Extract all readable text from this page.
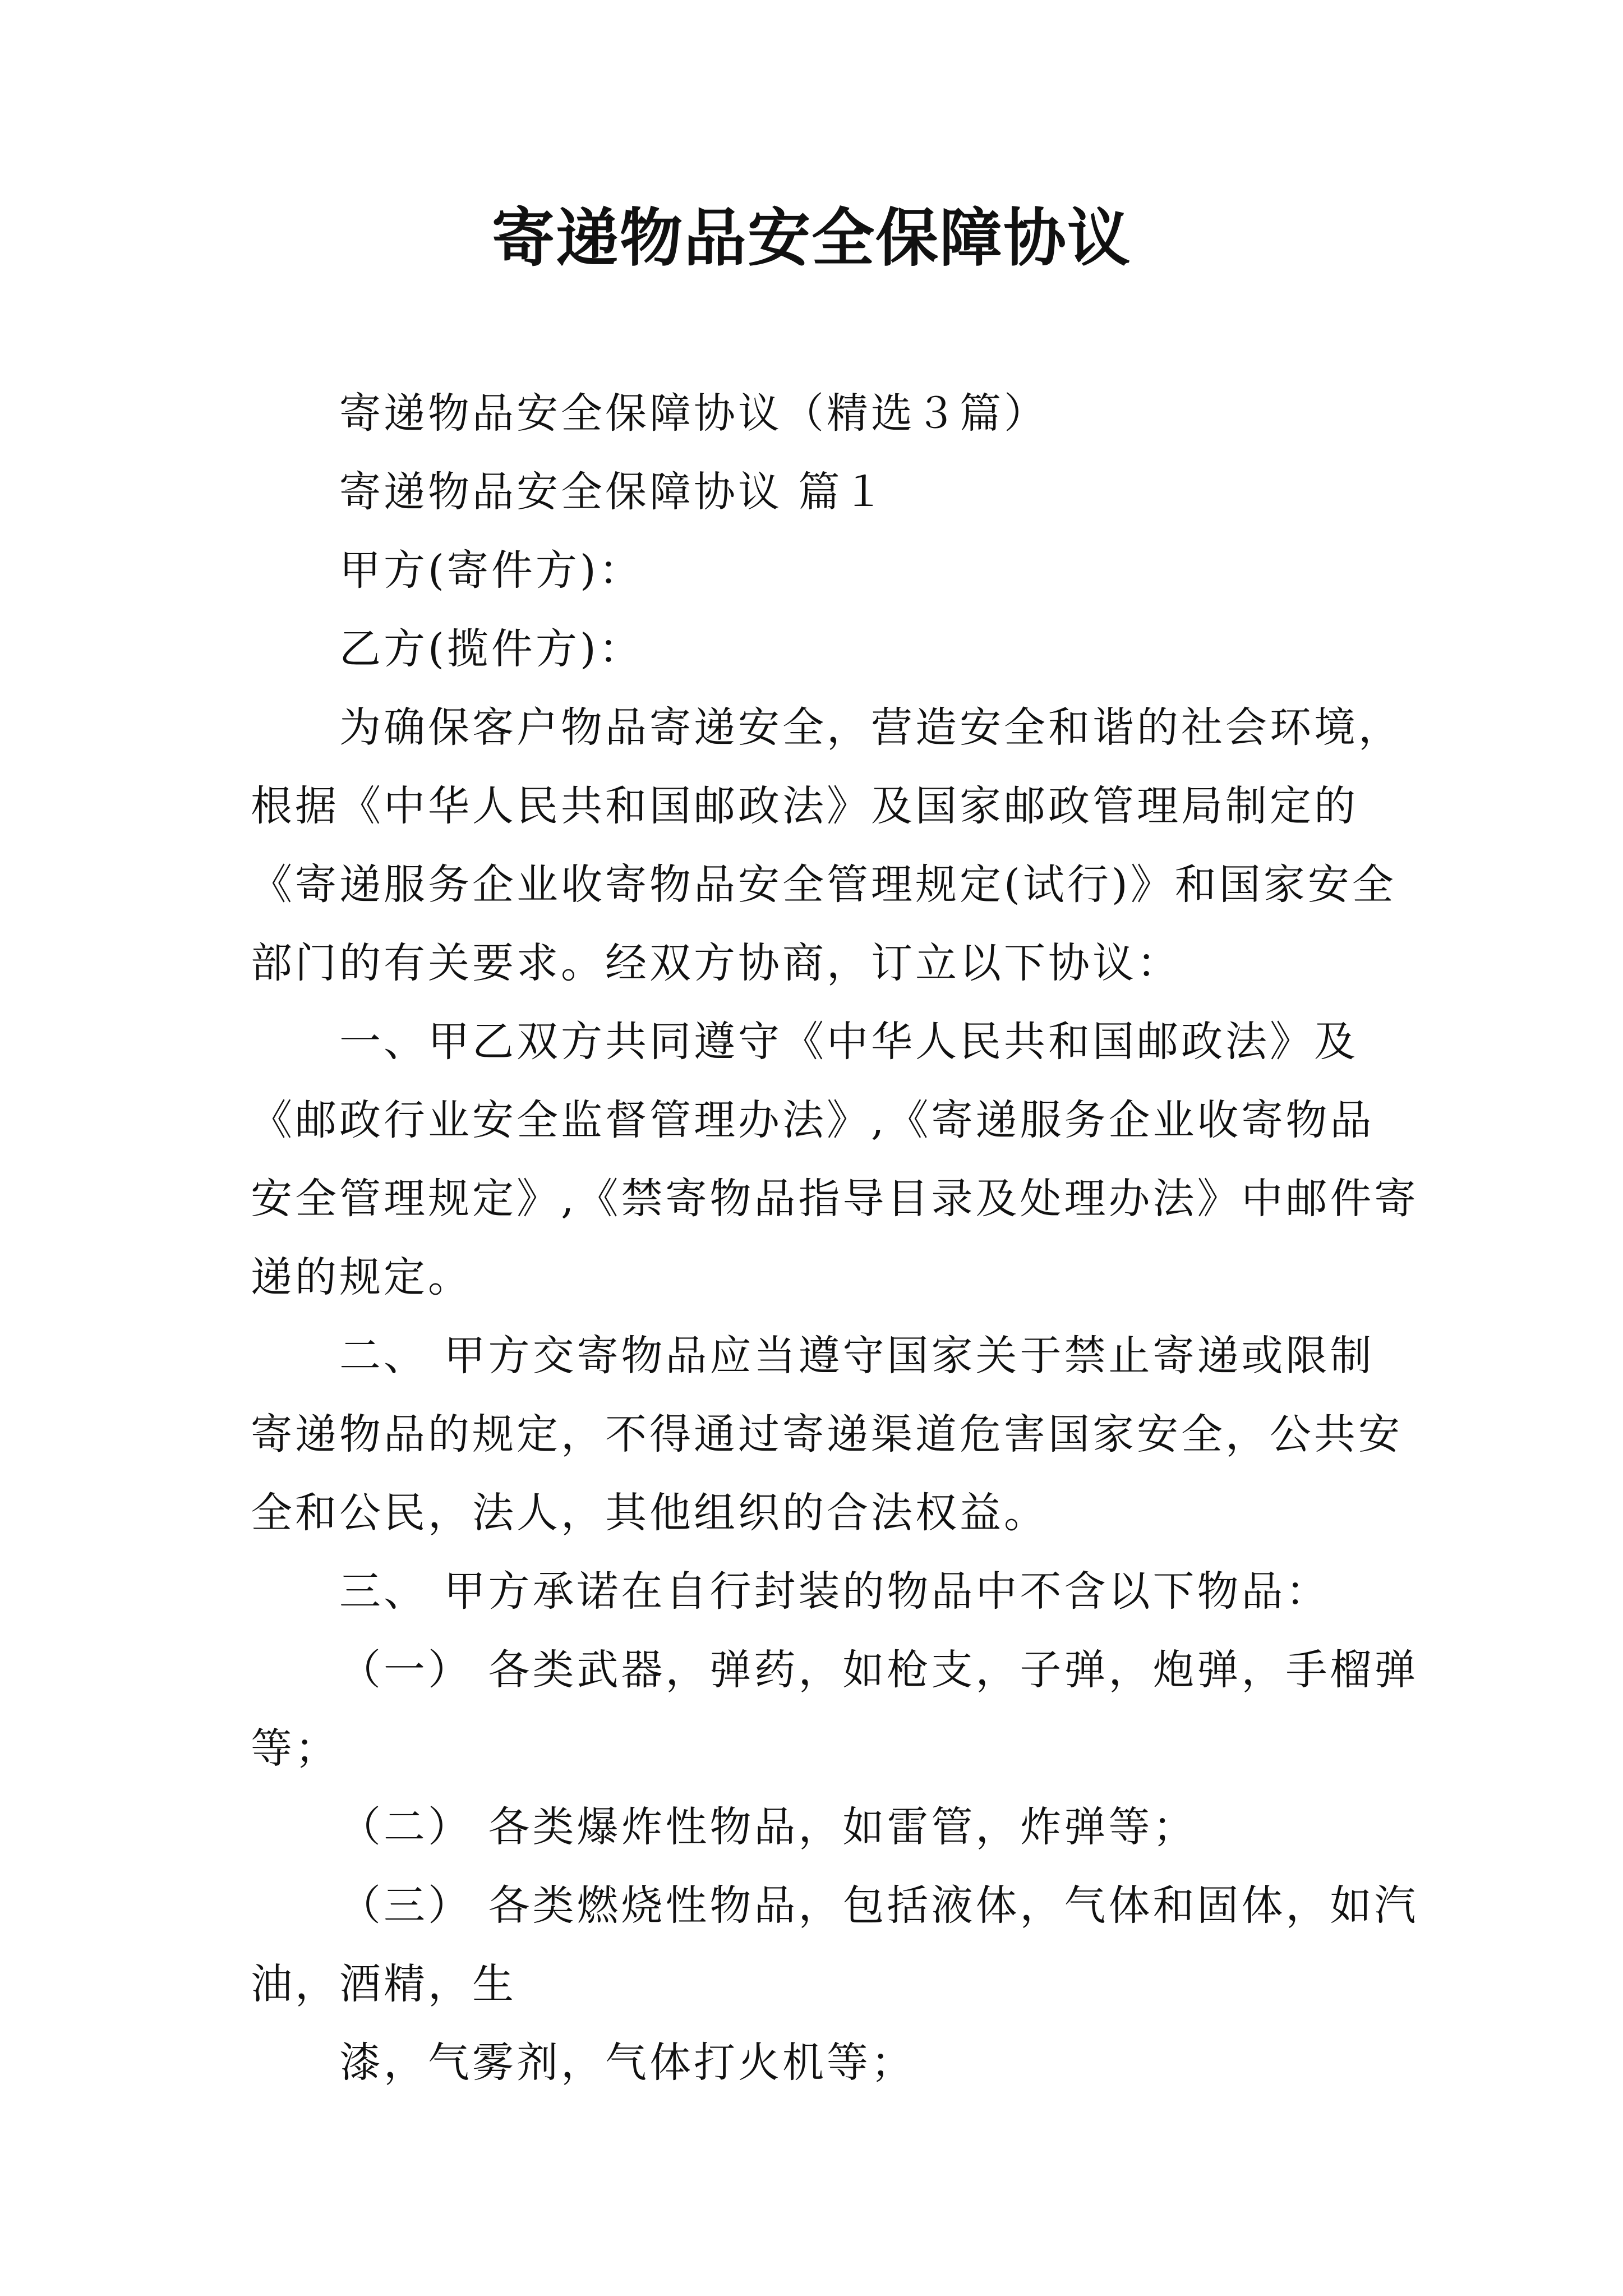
寄递物品安全保障协议
寄递物品安全保障协议（精选３篇）
寄递物品安全保障协议 篇１
甲方(寄件方)：
乙方(揽件方)：
为确保客户物品寄递安全，营造安全和谐的社会环境，
根据《中华人民共和国邮政法》及国家邮政管理局制定的
《寄递服务企业收寄物品安全管理规定(试行)》和国家安全
部门的有关要求。经双方协商，订立以下协议：
一、甲乙双方共同遵守《中华人民共和国邮政法》及
《邮政行业安全监督管理办法》,《寄递服务企业收寄物品
安全管理规定》,《禁寄物品指导目录及处理办法》中邮件寄
递的规定。
二、 甲方交寄物品应当遵守国家关于禁止寄递或限制
寄递物品的规定，不得通过寄递渠道危害国家安全，公共安
全和公民，法人，其他组织的合法权益。
三、 甲方承诺在自行封装的物品中不含以下物品：
（一） 各类武器，弹药，如枪支，子弹，炮弹，手榴弹
等；
（二） 各类爆炸性物品，如雷管，炸弹等；
（三） 各类燃烧性物品，包括液体，气体和固体，如汽
油，酒精，生
漆，气雾剂，气体打火机等；
